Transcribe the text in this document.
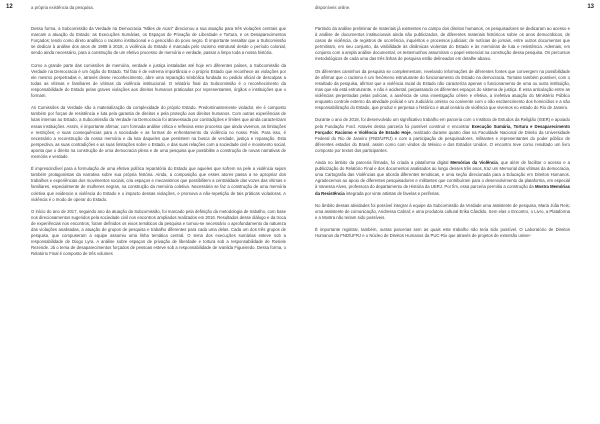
12	a própria existência da pesquisa.

Dessa forma, a Subcomissão da Verdade na Democracia "Mães de Acari" direcionou a sua atuação para três violações centrais que marcam a atuação do Estado: as Execuções Sumárias, os Espaços de Privação de Liberdade e Tortura, e os Desaparecimentos Forçados; tendo como direto analítico o racismo institucional e o genocídio do povo negro. É importante ressaltar que a Subcomissão se dedicar à análise dos anos de 1988 à 2018, a violência do Estado é marcada pelo racismo estrutural desde o período colonial, sendo ainda necessário, para a construção de um efetivo processo de memória e verdade, passar a limpo toda a nossa história.

Como a grande parte das comissões de memória, verdade e justiça instaladas até hoje em diferentes países, a Subcomissão da Verdade na Democracia é um órgão do Estado. Tal fato é de extrema importância e o próprio Estado que reconhece as violações por ele mesmo perpetradas e, através desse reconhecimento, abre uma reparação simbólica fundada no pedido oficial de desculpas a todas as vítimas e familiares de vítimas da violência institucional. O relatório final da Subcomissão é o reconhecimento da responsabilidade do Estado pelas graves violações aos direitos humanos praticadas por representantes, órgãos e instituições que o formam.

As Comissões da Verdade são a materialização da complexidade do próprio Estado. Predominantemente violador, ele é composto também por forças de resistência e luta pela garantia de direitos e pela proteção aos direitos humanos. Com outras experiências de lutas internas ao Estado, a Subcomissão da Verdade na Democracia foi atravessada por contradições e limites que ainda caracterizam essas instituições. Assim, é importante afirmar, com formada análise crítica e reflexiva esse processo que ainda vivemos, as limitações e restrições, e suas consequências para a sociedade e as formas de enfrentamento da violência no nosso País. Para isso, é necessário a reconstrução da nossa memória e da luta daqueles que persistem na busca de verdade, justiça e reparação. Esta perspectiva, as suas contradições e as suas limitações sobre o Estado, e das suas relações com a sociedade civil e movimento social, aponta que o direito na construção de uma democracia plena e de uma pesquisa que possibilite a construção de novas narrativas de memória e verdade.

É imprescindível para a formulação de uma efetiva política reparatória do Estado que aqueles que sofrem na pele a violência sejam também protagonistas da narrativa sobre sua própria história. Ainda, a composição que esses atores passa a se apropriar dos trabalhos e experiências dos movimentos sociais, cria espaços e mecanismos que possibilitem a centralidade das vozes das vítimas e familiares, especialmente de mulheres negras, na construção da memória coletiva. Necessária se faz a construção de uma memória coletiva que evidencie a violência do Estado e o impacto dessas violações, e promova a não-repetição de tais práticas violadoras. A violência é o modo de operar do Estado.

O início do ano de 2017, seguindo ano da atuação da Subcomissão, foi marcado pela definição da metodologia de trabalho, com base nos direcionamentos sugeridos pela sociedade civil nos encontros ampliados realizados em 2016. Resultados desse diálogo e da troca de experiências nos encontros, foram definidos os eixos temáticos da pesquisa e tornou-se necessário o aprofundamento da natureza das violações analisadas, a atuação de grupos de pesquisa e trabalho diferentes para cada uma delas. Cada um dos três grupos de pesquisa, que compuseram a equipe assumiu uma linha temática central. O tema dos execuções sumárias esteve sob a responsabilidade de Diogo Lyra. A análise sobre espaços de privação de liberdade e tortura sob a responsabilidade de Rosiele Rezende. Já o tema de desaparecimentos forçados de pessoas esteve sob a responsabilidade de Ivanilda Figueiredo. Dessa forma, o Relatório Final é composto de três volumes

disponíveis online.	13

Partindo da análise preliminar de materiais já existentes no campo dos direitos humanos, os pesquisadores se dedicaram ao acesso e à análise de documentos institucionais ainda não publicizados, de diferentes materiais históricos sobre os anos democráticos, de casos de violência, de registros de ocorrência, inquéritos e processos judiciais; de notícias de jornais, entre outros documentos que permitiram, em seu conjunto, da visibilidade às dinâmicas violentas do Estado e às memórias de luta e resistência. Ademais, em conjunto com a ampla análise documental, os testemunhos assumiram o papel essencial na construção dessa pesquisa. Os percursos metodológicos de cada uma das três linhas de pesquisa estão delineados em detalhe abaixo.

Os diferentes caminhos da pesquisa se complementam, revelando informações de diferentes fontes que convergem na possibilidade de afirmar que o racismo é um fenômeno estruturante do funcionamento do Estado na democracia. Tornase também possível, com o resultado da pesquisa, afirmar que a violência racial do Estado não caracteriza apenas o funcionamento de uma ou outra instituição, mas que ela está estruturante, e não é acidental, perpassando os diferentes espaços do sistema de justiça. É essa articulação entre as violências perpetradas pelas polícias, a ausência de uma investigação célere e efetiva, a inefetiva atuação do Ministério Público enquanto controle externo da atividade policial e um Judiciário omisso ou conivente com o não esclarecimento dos homicídios e a não responsabilização do Estado, que produz e perpetua o histórico e atual cenário de violência que vivemos no estado do Rio de Janeiro.

Durante o ano de 2018, foi desenvolvido um significativo trabalho em parceria com o Instituto de Estudos da Religião (ISER) e apoiado pela Fundação Ford. Através dessa parceria foi possível construir e encontrar Execução Sumária, Tortura e Desaparecimento Forçado: Racismo e Violência de Estado Hoje, realizado durante quatro dias na Faculdade Nacional de Direito da Universidade Federal do Rio de Janeiro (FND/UFRJ) e com a participação de pesquisadores, militantes e representantes do poder público de diferentes estados do Brasil, assim como com vindos do México e dos Estados Unidos. O encontro teve como resultado um livro composto por textos dos participantes.

Ainda no âmbito da parceria firmada, foi criada a plataforma digital Memórias da Violência, que além de facilitar o acesso e a publicização do Relatório Final e dos documentos analisados ao longo desses três anos, traz um Memorial das vítimas da democracia, uma Cartografia das Violências que aborda diferentes temáticas, e uma seção direcionada para a Educação em Direitos Humanos. Agradecemos ao apoio de diferentes pesquisadores e militantes que contribuíram para o desenvolvimento da plataforma, em especial à Vanessa Alves, professora do departamento de História da UERJ. Por fim, essa parceria permitiu a construção da Mostra Memórias da Resistência integrada por vinte artistas de favelas e periferias.

No âmbito dessas atividades foi possível integrar à equipe da Subcomissão da Verdade uma assistente de pesquisa, Maria Júlia Reis; uma assistente de comunicação, Andressa Cabral; e uma produtora cultural Erika Cândido. Sem elas o Encontro, o Livro, a Plataforma e a Mostra não teriam sido possíveis.

É importante registrar, também, outras parcerias sem as quais este trabalho não teria sido possível. O Laboratório de Direitos Humanos da FND/UFRJ e o Núcleo de Direitos Humanos da PUC-Rio que através de projetos de extensão univer-
